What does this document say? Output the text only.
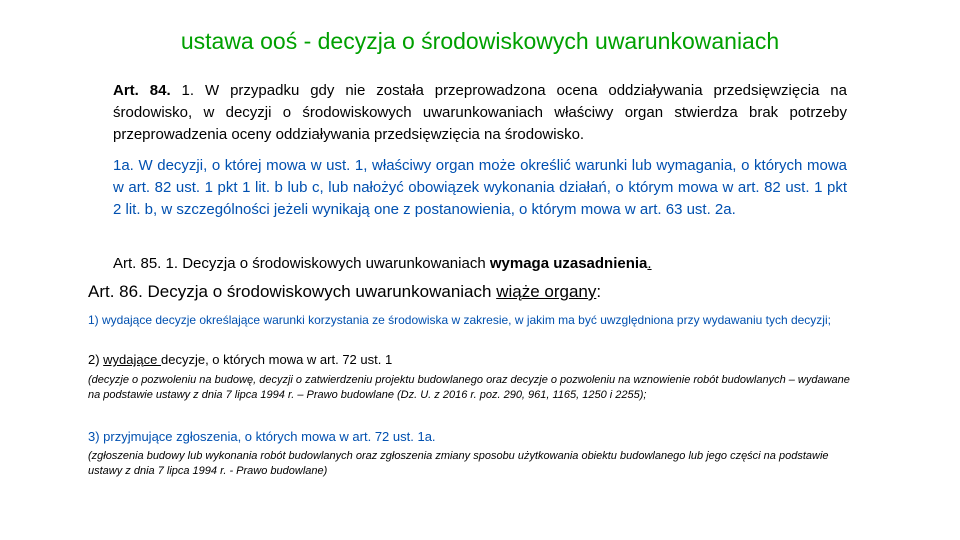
ustawa ooś - decyzja o środowiskowych uwarunkowaniach
Art. 84. 1. W przypadku gdy nie została przeprowadzona ocena oddziaływania przedsięwzięcia na środowisko, w decyzji o środowiskowych uwarunkowaniach właściwy organ stwierdza brak potrzeby przeprowadzenia oceny oddziaływania przedsięwzięcia na środowisko.
1a. W decyzji, o której mowa w ust. 1, właściwy organ może określić warunki lub wymagania, o których mowa w art. 82 ust. 1 pkt 1 lit. b lub c, lub nałożyć obowiązek wykonania działań, o którym mowa w art. 82 ust. 1 pkt 2 lit. b, w szczególności jeżeli wynikają one z postanowienia, o którym mowa w art. 63 ust. 2a.
Art. 85. 1. Decyzja o środowiskowych uwarunkowaniach wymaga uzasadnienia.
Art. 86. Decyzja o środowiskowych uwarunkowaniach wiąże organy:
1) wydające decyzje określające warunki korzystania ze środowiska w zakresie, w jakim ma być uwzględniona przy wydawaniu tych decyzji;
2) wydające decyzje, o których mowa w art. 72 ust. 1
(decyzje o pozwoleniu na budowę, decyzji o zatwierdzeniu projektu budowlanego oraz decyzje o pozwoleniu na wznowienie robót budowlanych – wydawane na podstawie ustawy z dnia 7 lipca 1994 r. – Prawo budowlane (Dz. U. z 2016 r. poz. 290, 961, 1165, 1250 i 2255);
3) przyjmujące zgłoszenia, o których mowa w art. 72 ust. 1a.
(zgłoszenia budowy lub wykonania robót budowlanych oraz zgłoszenia zmiany sposobu użytkowania obiektu budowlanego lub jego części na podstawie ustawy z dnia 7 lipca 1994 r. - Prawo budowlane)
